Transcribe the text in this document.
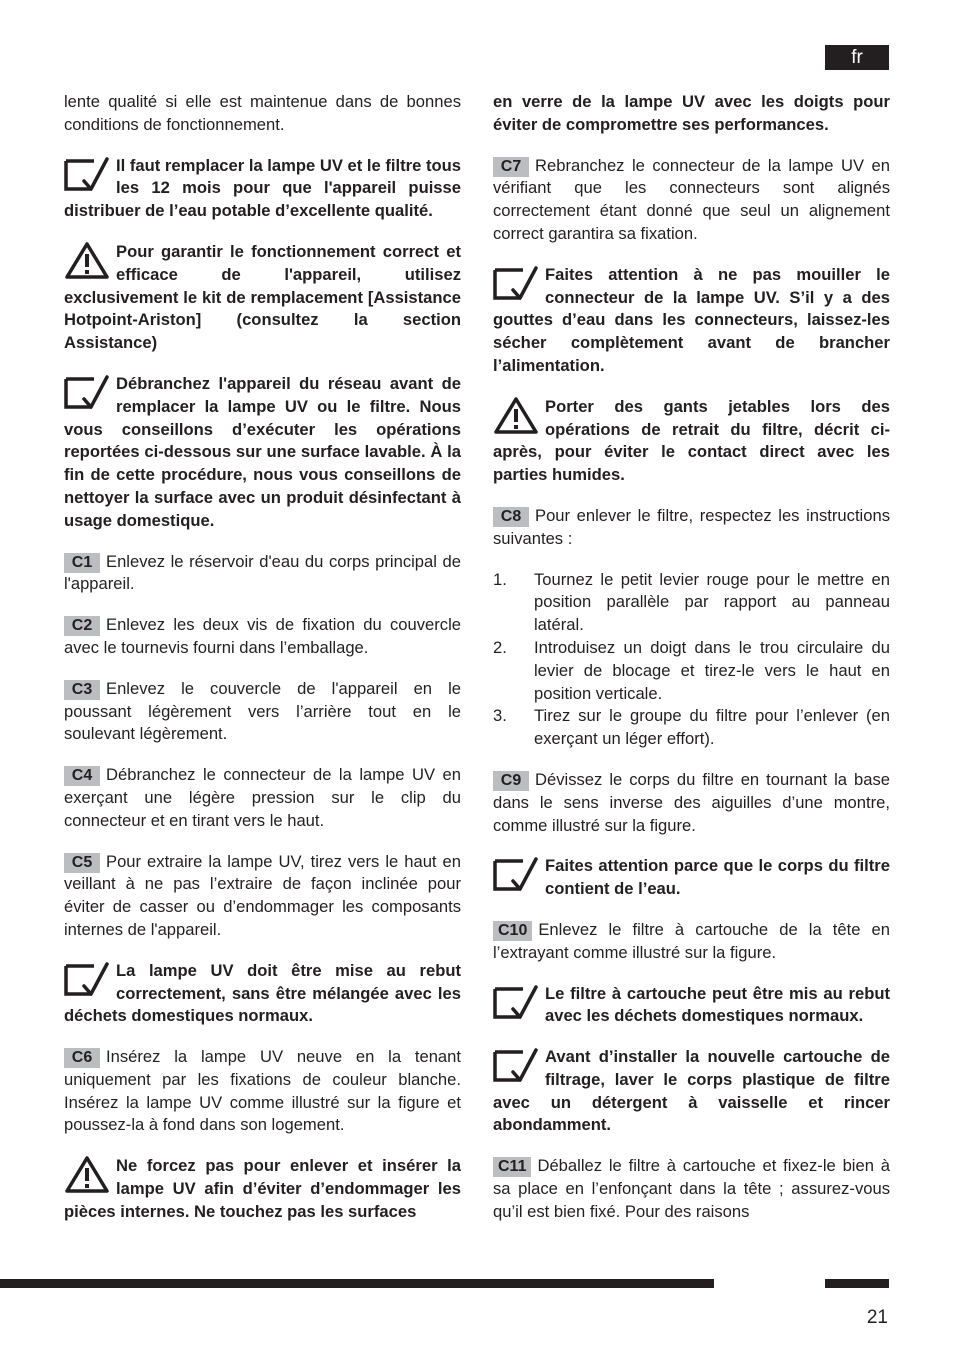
fr
lente qualité si elle est maintenue dans de bonnes conditions de fonctionnement.
Il faut remplacer la lampe UV et le filtre tous les 12 mois pour que l'appareil puisse distribuer de l’eau potable d’excellente qualité.
Pour garantir le fonctionnement correct et efficace de l'appareil, utilisez exclusivement le kit de remplacement [Assistance Hotpoint-Ariston] (consultez la section Assistance)
Débranchez l'appareil du réseau avant de remplacer la lampe UV ou le filtre. Nous vous conseillons d’exécuter les opérations reportées ci-dessous sur une surface lavable. À la fin de cette procédure, nous vous conseillons de nettoyer la surface avec un produit désinfectant à usage domestique.
C1 Enlevez le réservoir d'eau du corps principal de l'appareil.
C2 Enlevez les deux vis de fixation du couvercle avec le tournevis fourni dans l’emballage.
C3 Enlevez le couvercle de l'appareil en le poussant légèrement vers l’arrière tout en le soulevant légèrement.
C4 Débranchez le connecteur de la lampe UV en exerçant une légère pression sur le clip du connecteur et en tirant vers le haut.
C5 Pour extraire la lampe UV, tirez vers le haut en veillant à ne pas l’extraire de façon inclinée pour éviter de casser ou d’endommager les composants internes de l'appareil.
La lampe UV doit être mise au rebut correctement, sans être mélangée avec les déchets domestiques normaux.
C6 Insérez la lampe UV neuve en la tenant uniquement par les fixations de couleur blanche. Insérez la lampe UV comme illustré sur la figure et poussez-la à fond dans son logement.
Ne forcez pas pour enlever et insérer la lampe UV afin d’éviter d’endommager les pièces internes. Ne touchez pas les surfaces
en verre de la lampe UV avec les doigts pour éviter de compromettre ses performances.
C7 Rebranchez le connecteur de la lampe UV en vérifiant que les connecteurs sont alignés correctement étant donné que seul un alignement correct garantira sa fixation.
Faites attention à ne pas mouiller le connecteur de la lampe UV. S’il y a des gouttes d’eau dans les connecteurs, laissez-les sécher complètement avant de brancher l’alimentation.
Porter des gants jetables lors des opérations de retrait du filtre, décrit ci-après, pour éviter le contact direct avec les parties humides.
C8 Pour enlever le filtre, respectez les instructions suivantes :
1. Tournez le petit levier rouge pour le mettre en position parallèle par rapport au panneau latéral.
2. Introduisez un doigt dans le trou circulaire du levier de blocage et tirez-le vers le haut en position verticale.
3. Tirez sur le groupe du filtre pour l’enlever (en exerçant un léger effort).
C9 Dévissez le corps du filtre en tournant la base dans le sens inverse des aiguilles d’une montre, comme illustré sur la figure.
Faites attention parce que le corps du filtre contient de l’eau.
C10 Enlevez le filtre à cartouche de la tête en l’extrayant comme illustré sur la figure.
Le filtre à cartouche peut être mis au rebut avec les déchets domestiques normaux.
Avant d’installer la nouvelle cartouche de filtrage, laver le corps plastique de filtre avec un détergent à vaisselle et rincer abondamment.
C11 Déballez le filtre à cartouche et fixez-le bien à sa place en l’enfonçant dans la tête ; assurez-vous qu’il est bien fixé. Pour des raisons
21
